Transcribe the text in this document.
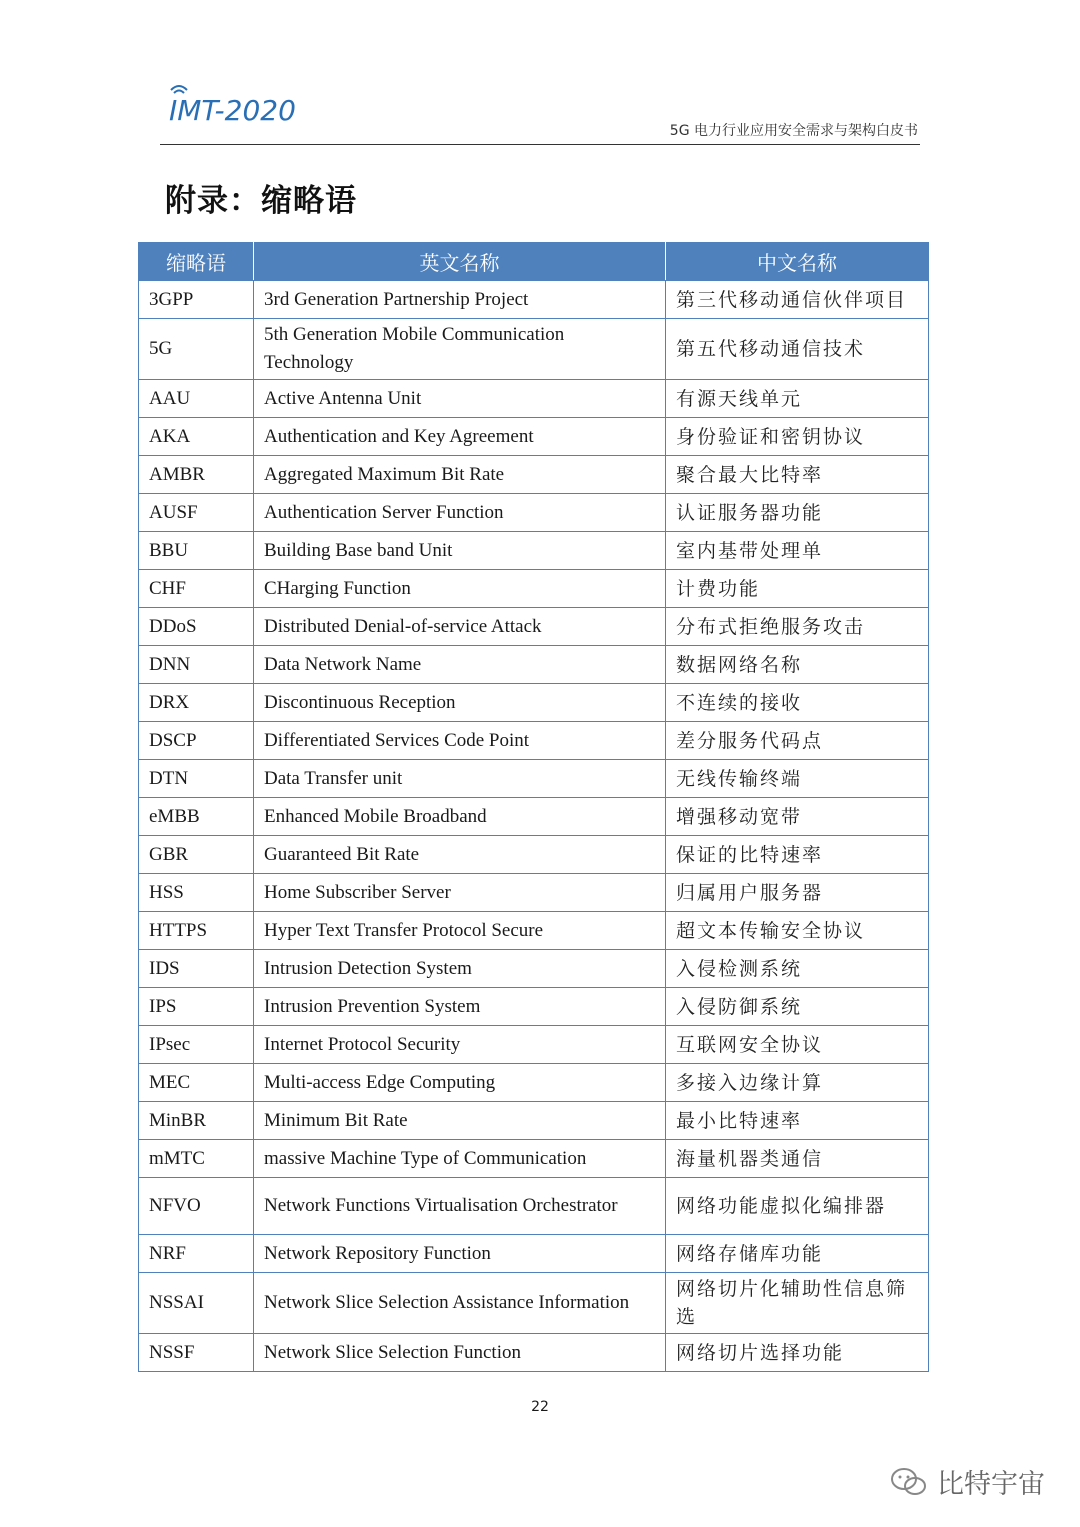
IMT-2020
5G 电力行业应用安全需求与架构白皮书
附录：缩略语
缩略语	英文名称	中文名称
3GPP	3rd Generation Partnership Project	第三代移动通信伙伴项目
5G	5th Generation Mobile Communication Technology	第五代移动通信技术
AAU	Active Antenna Unit	有源天线单元
AKA	Authentication and Key Agreement	身份验证和密钥协议
AMBR	Aggregated Maximum Bit Rate	聚合最大比特率
AUSF	Authentication Server Function	认证服务器功能
BBU	Building Base band Unit	室内基带处理单
CHF	CHarging Function	计费功能
DDoS	Distributed Denial-of-service Attack	分布式拒绝服务攻击
DNN	Data Network Name	数据网络名称
DRX	Discontinuous Reception	不连续的接收
DSCP	Differentiated Services Code Point	差分服务代码点
DTN	Data Transfer unit	无线传输终端
eMBB	Enhanced Mobile Broadband	增强移动宽带
GBR	Guaranteed Bit Rate	保证的比特速率
HSS	Home Subscriber Server	归属用户服务器
HTTPS	Hyper Text Transfer Protocol Secure	超文本传输安全协议
IDS	Intrusion Detection System	入侵检测系统
IPS	Intrusion Prevention System	入侵防御系统
IPsec	Internet Protocol Security	互联网安全协议
MEC	Multi-access Edge Computing	多接入边缘计算
MinBR	Minimum Bit Rate	最小比特速率
mMTC	massive Machine Type of Communication	海量机器类通信
NFVO	Network Functions Virtualisation Orchestrator	网络功能虚拟化编排器
NRF	Network Repository Function	网络存储库功能
NSSAI	Network Slice Selection Assistance Information	网络切片化辅助性信息筛选
NSSF	Network Slice Selection Function	网络切片选择功能
22
比特宇宙
